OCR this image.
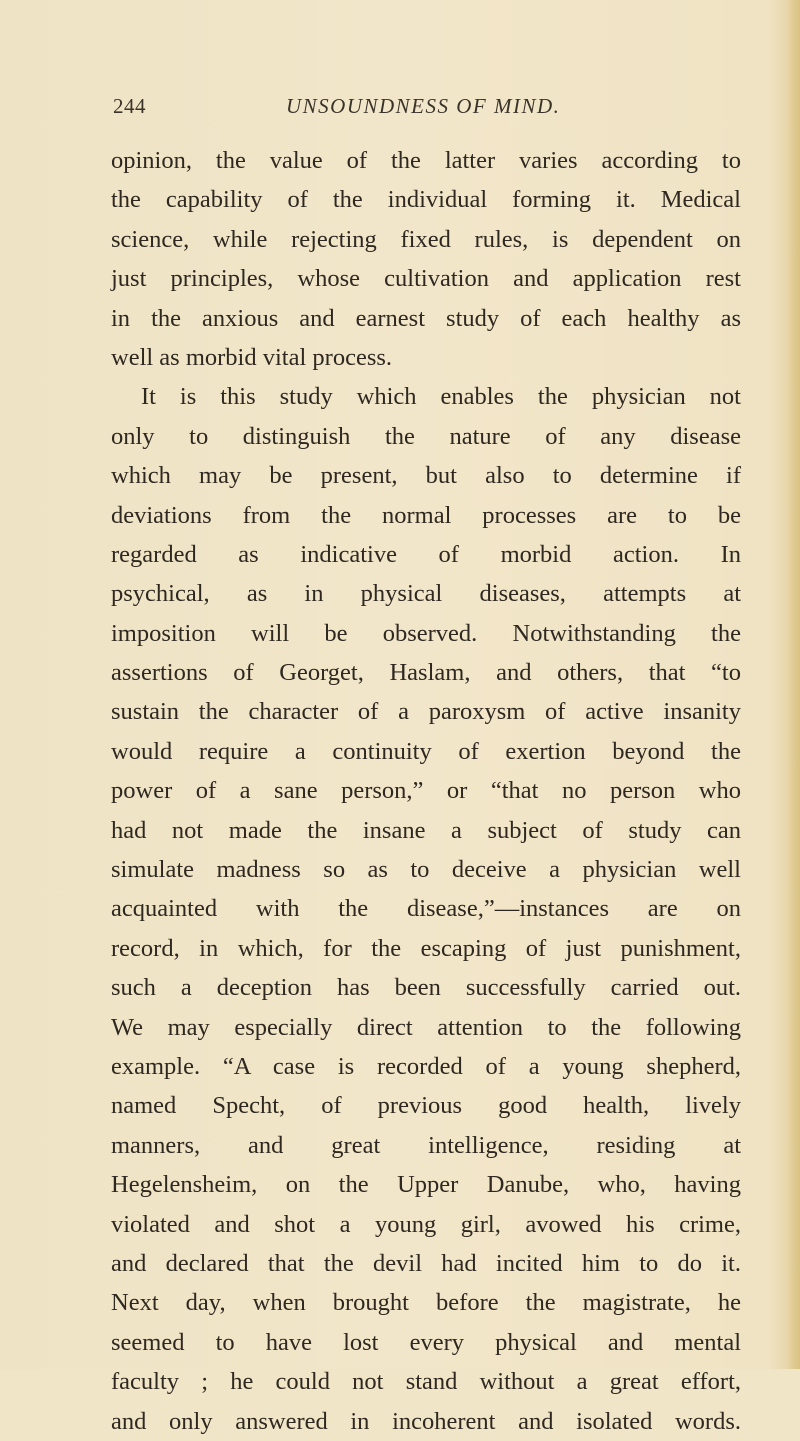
244	UNSOUNDNESS OF MIND.
opinion, the value of the latter varies according to
the capability of the individual forming it. Medical
science, while rejecting fixed rules, is dependent on
just principles, whose cultivation and application rest
in the anxious and earnest study of each healthy as
well as morbid vital process.
It is this study which enables the physician not
only to distinguish the nature of any disease
which may be present, but also to determine if
deviations from the normal processes are to be
regarded as indicative of morbid action. In
psychical, as in physical diseases, attempts at
imposition will be observed. Notwithstanding the
assertions of Georget, Haslam, and others, that “to
sustain the character of a paroxysm of active insanity
would require a continuity of exertion beyond the
power of a sane person,” or “that no person who
had not made the insane a subject of study can
simulate madness so as to deceive a physician well
acquainted with the disease,”—instances are on
record, in which, for the escaping of just punishment,
such a deception has been successfully carried out.
We may especially direct attention to the following
example. “A case is recorded of a young shepherd,
named Specht, of previous good health, lively
manners, and great intelligence, residing at
Hegelensheim, on the Upper Danube, who, having
violated and shot a young girl, avowed his crime,
and declared that the devil had incited him to do it.
Next day, when brought before the magistrate, he
seemed to have lost every physical and mental
faculty ; he could not stand without a great effort,
and only answered in incoherent and isolated words.
